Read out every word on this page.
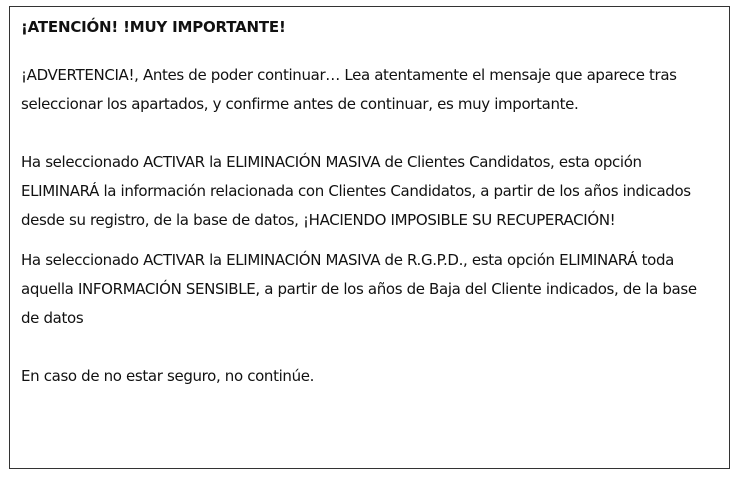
¡ATENCIÓN! !MUY IMPORTANTE!

¡ADVERTENCIA!, Antes de poder continuar… Lea atentamente el mensaje que aparece tras seleccionar los apartados, y confirme antes de continuar, es muy importante.

Ha seleccionado ACTIVAR la ELIMINACIÓN MASIVA de Clientes Candidatos, esta opción ELIMINARÁ la información relacionada con Clientes Candidatos, a partir de los años indicados desde su registro, de la base de datos, ¡HACIENDO IMPOSIBLE SU RECUPERACIÓN!

Ha seleccionado ACTIVAR la ELIMINACIÓN MASIVA de R.G.P.D., esta opción ELIMINARÁ toda aquella INFORMACIÓN SENSIBLE, a partir de los años de Baja del Cliente indicados, de la base de datos

En caso de no estar seguro, no continúe.
